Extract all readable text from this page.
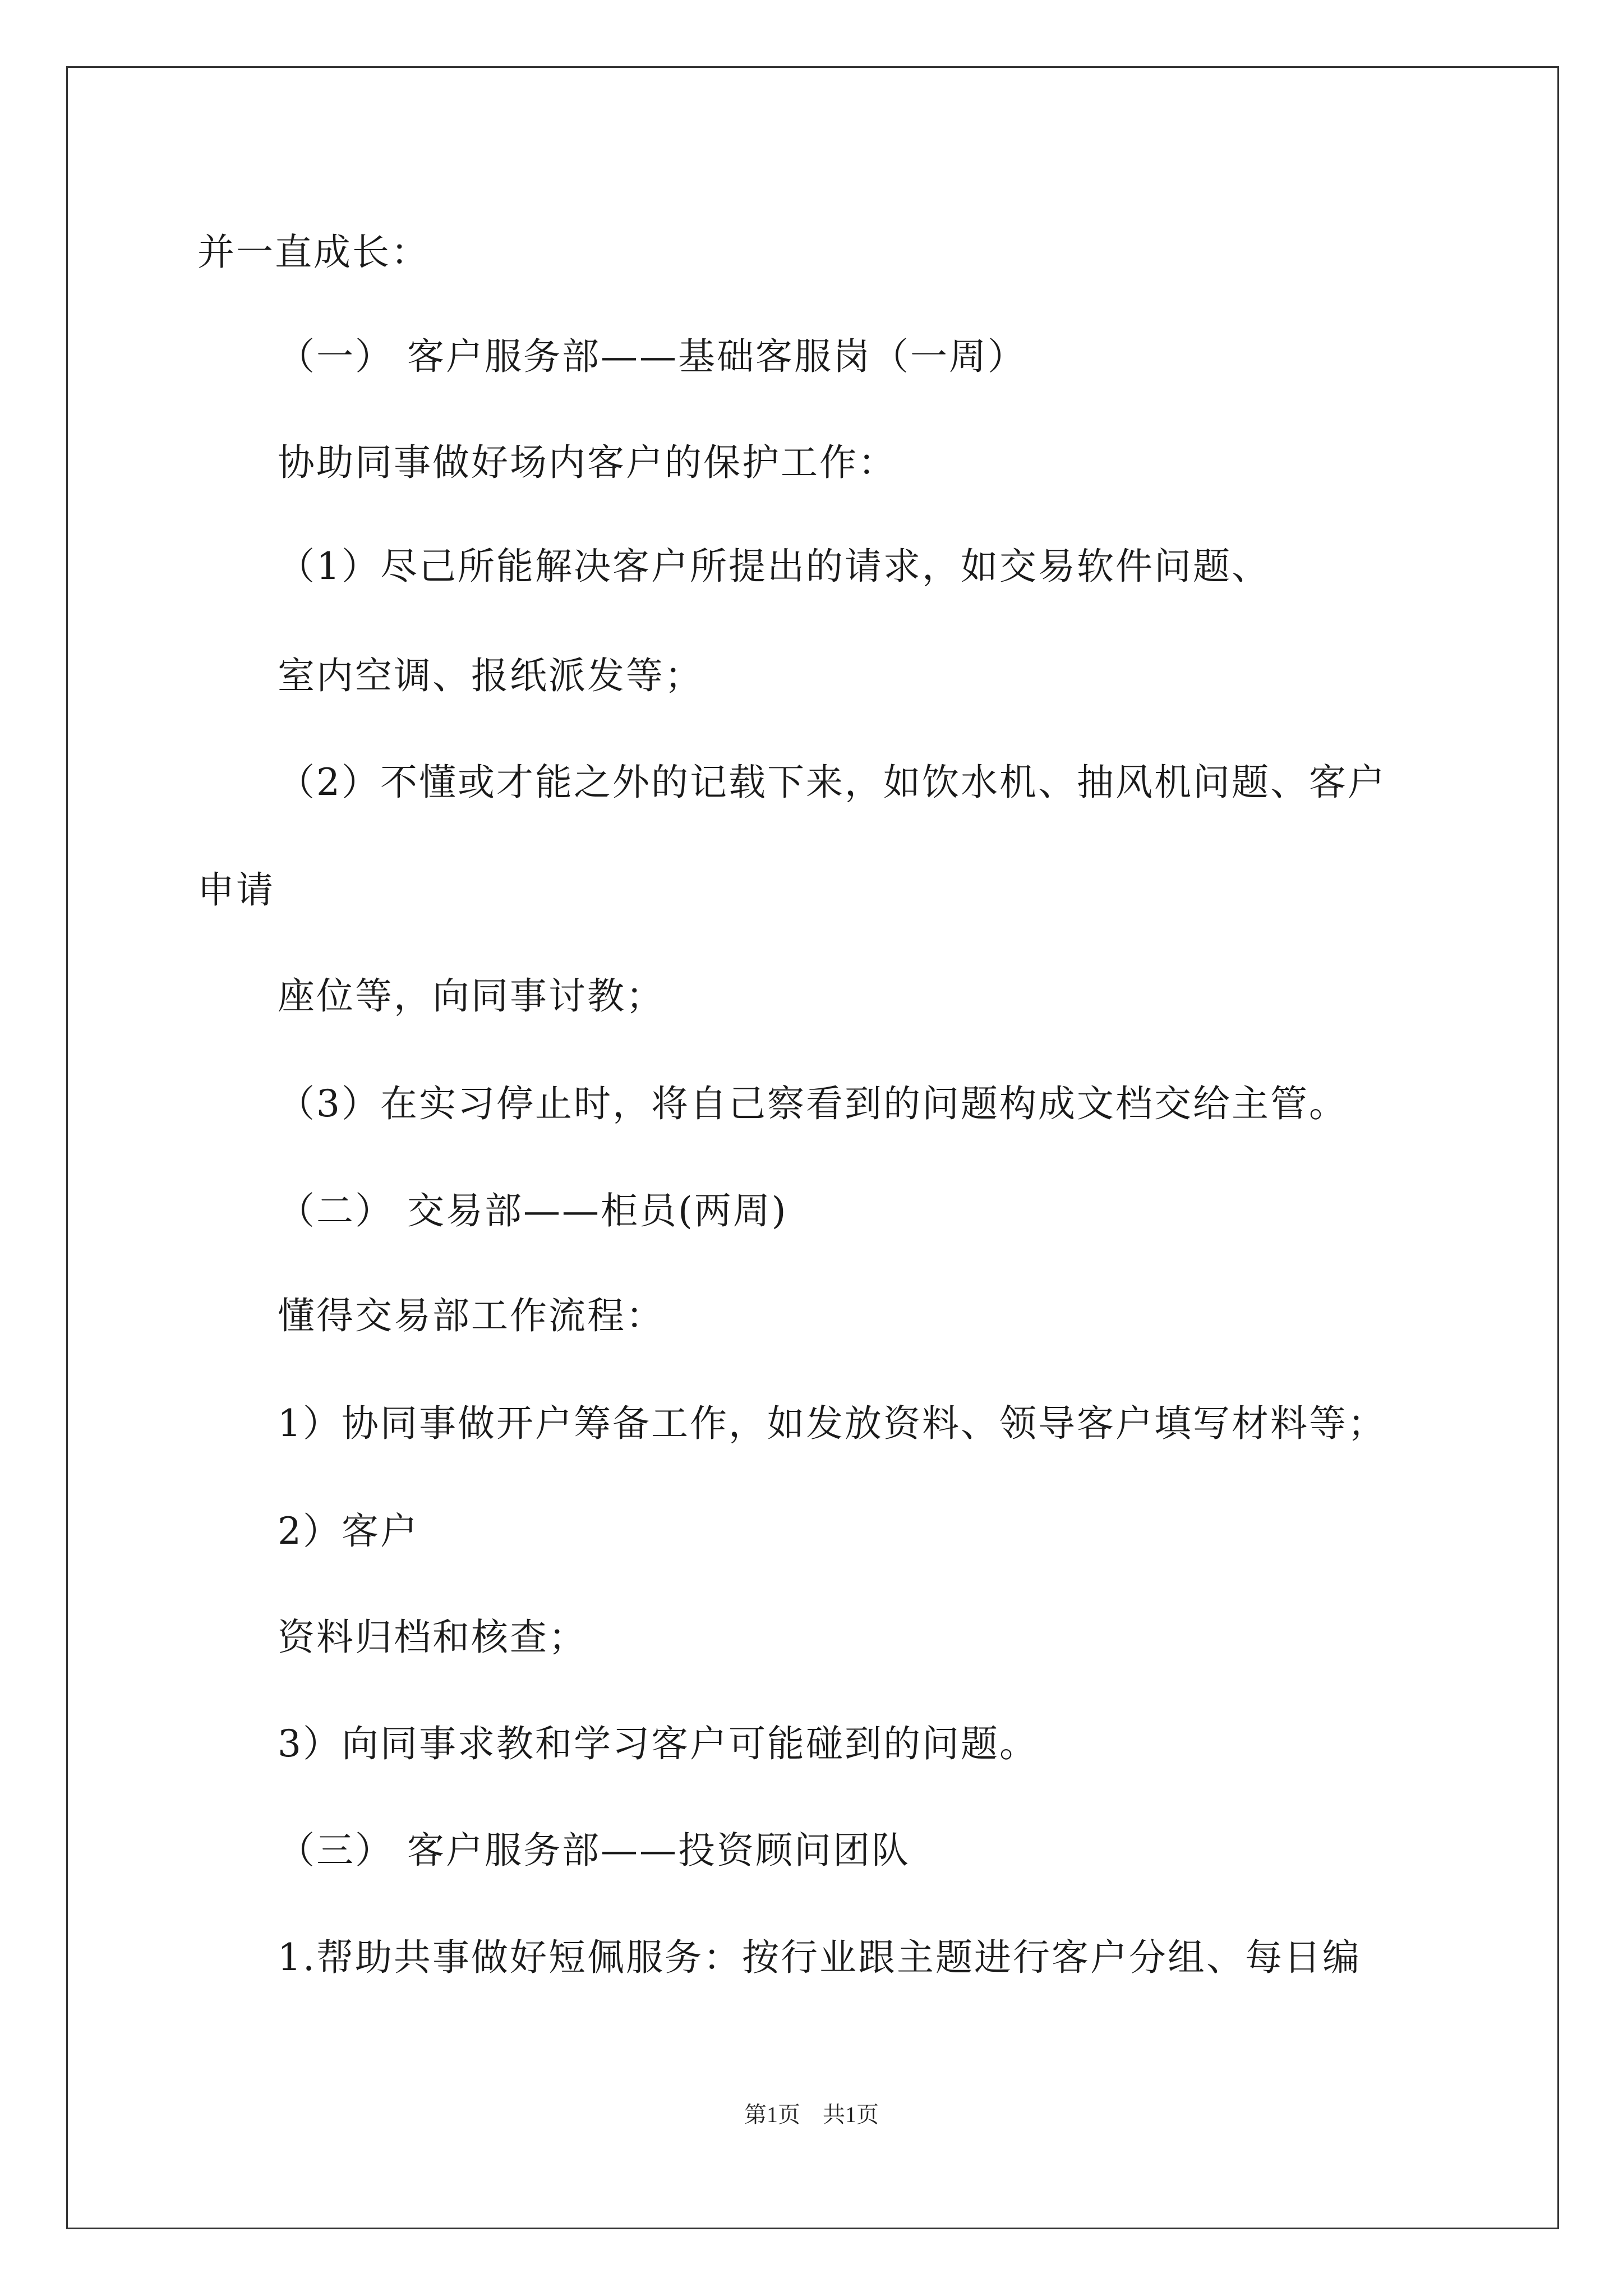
并一直成长：
（一） 客户服务部——基础客服岗（一周）
协助同事做好场内客户的保护工作：
（1）尽己所能解决客户所提出的请求，如交易软件问题、
室内空调、报纸派发等；
（2）不懂或才能之外的记载下来，如饮水机、抽风机问题、客户
申请
座位等，向同事讨教；
（3）在实习停止时，将自己察看到的问题构成文档交给主管。
（二） 交易部——柜员(两周)
懂得交易部工作流程：
1）协同事做开户筹备工作，如发放资料、领导客户填写材料等；
2）客户
资料归档和核查；
3）向同事求教和学习客户可能碰到的问题。
（三） 客户服务部——投资顾问团队
1.帮助共事做好短佩服务：按行业跟主题进行客户分组、每日编
第1页　共1页
